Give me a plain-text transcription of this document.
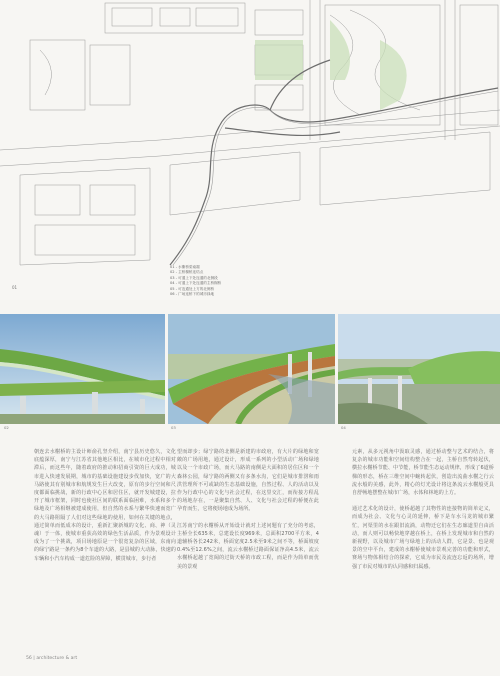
01 - 水榭桥梁南端
02 - 主桥榭桥连结点
03 - 可通上下处连通的北侧段
04 - 可通上下处连通的主桥榭桥
05 - 可连通处上方的北侧桥
06 - 广场连桥下的城市绿地
01
02	03	04

朝连去水榭桥的主设计师俞孔坚介绍，南宁县历史悠久，文化底蕴深厚，南宁与江苏省其他地区相比，在城市化过程中相对滞后，而这些年，随着政府的推动和招商引资的巨大成功，城市进入快速发展期，城市的基础设施建设步伐加快，宽广的大马路使其有别城市和航规发生巨大改变，原有的步行空间和尺度都面临挑战，新的行政中心区和居住区，就开发城建设，拉开了城市框架，同时也使社区间的联系面临困难，水系和多个绿地及广场相继被建成使用，但自然的水系与繁华快速而宽广的大马路阻隔了人们对这些绿地的使用，如何在关键的地点，通过简单而低成本的设计，重新汇聚新城的文化、商、神（灵魂）于一体，使城市重获高效的绿色生活品质，作为景观设计成为了一个挑战，项目场地原是一个很宽复杂的区域，东南向的绿宁路是一条约为8个车道的大路，是县城的大动脉，快速的车辆和小汽车构成一道危险的屏障，横贯城市，步行者

望而却步；绿宁路的北侧是新建的市政府，有大片的绿地和宽敞的广场用地，通过设计，形成一系列的小型活动广场和绿地以及一个市政广场，而大马路的南侧是大面积的居住区和一个森林公园，绿宁路的两侧又有多条水沟，它们是城市排涝和雨洪管理所不可或缺的生态基础设施，自然过程、人的活动以及作为行政中心的文化与社会过程，在这里交汇，而衔接方程乱的场地存在，一是聚集自然、人、文化与社会过程的桥便在此孕育而生，它将便场地成为场所。

江苏南宁的水榭桥从开始设计就对上述问题有了充分的考虑，主桥全长635米，总建设长度969米，总面积2700平方米，4道辅桥各长242米，桥面宽度2.5米至9米之间不等，桥面坡度0.4%至12.6%之间，流云水榭桥过路面保证净高4.5米，流云水榭桥起越了宽阔的过街天桥的市政工程，而是作为简单而优美的景观

元素，从多元视角中汲取灵感，通过桥动整与艺术的结合，将复杂的城市功能和空间结构整合在一起，主桥自然弯转起伏，横拉水榭桥节能、中节能，桥节能生态运动规律，形成了6道桥梯的形态，桥在三维空间中蜿转起伏，创造出流曲水榭之行云流水般的美感，此外，精心的灯光设计将这条流云水榭般更具自舒畅地摆整在城市广场，水体和林地的上方。

通过艺术化的设计，使桥超越了其物性的连接物的简单定义，而成为社会、文化与心灵的延伸，桥下是车水马龙的城市繁忙，河渠里的水在跟旧流淌，动物迁它们在生态廊道里自由活动，而人则可以畅快地穿越在桥上，在桥上发现城市和自然的新视野，以及城市广场与绿地上的活动人群，它是景、也是观景的空中平台，建成的水榭桥使城市景观完善的功能和形式，赛场与物体相结合的探索，它成为市民及流连忘返的场所，增强了市民对城市的认同感和归属感。

56 | architecture & art
